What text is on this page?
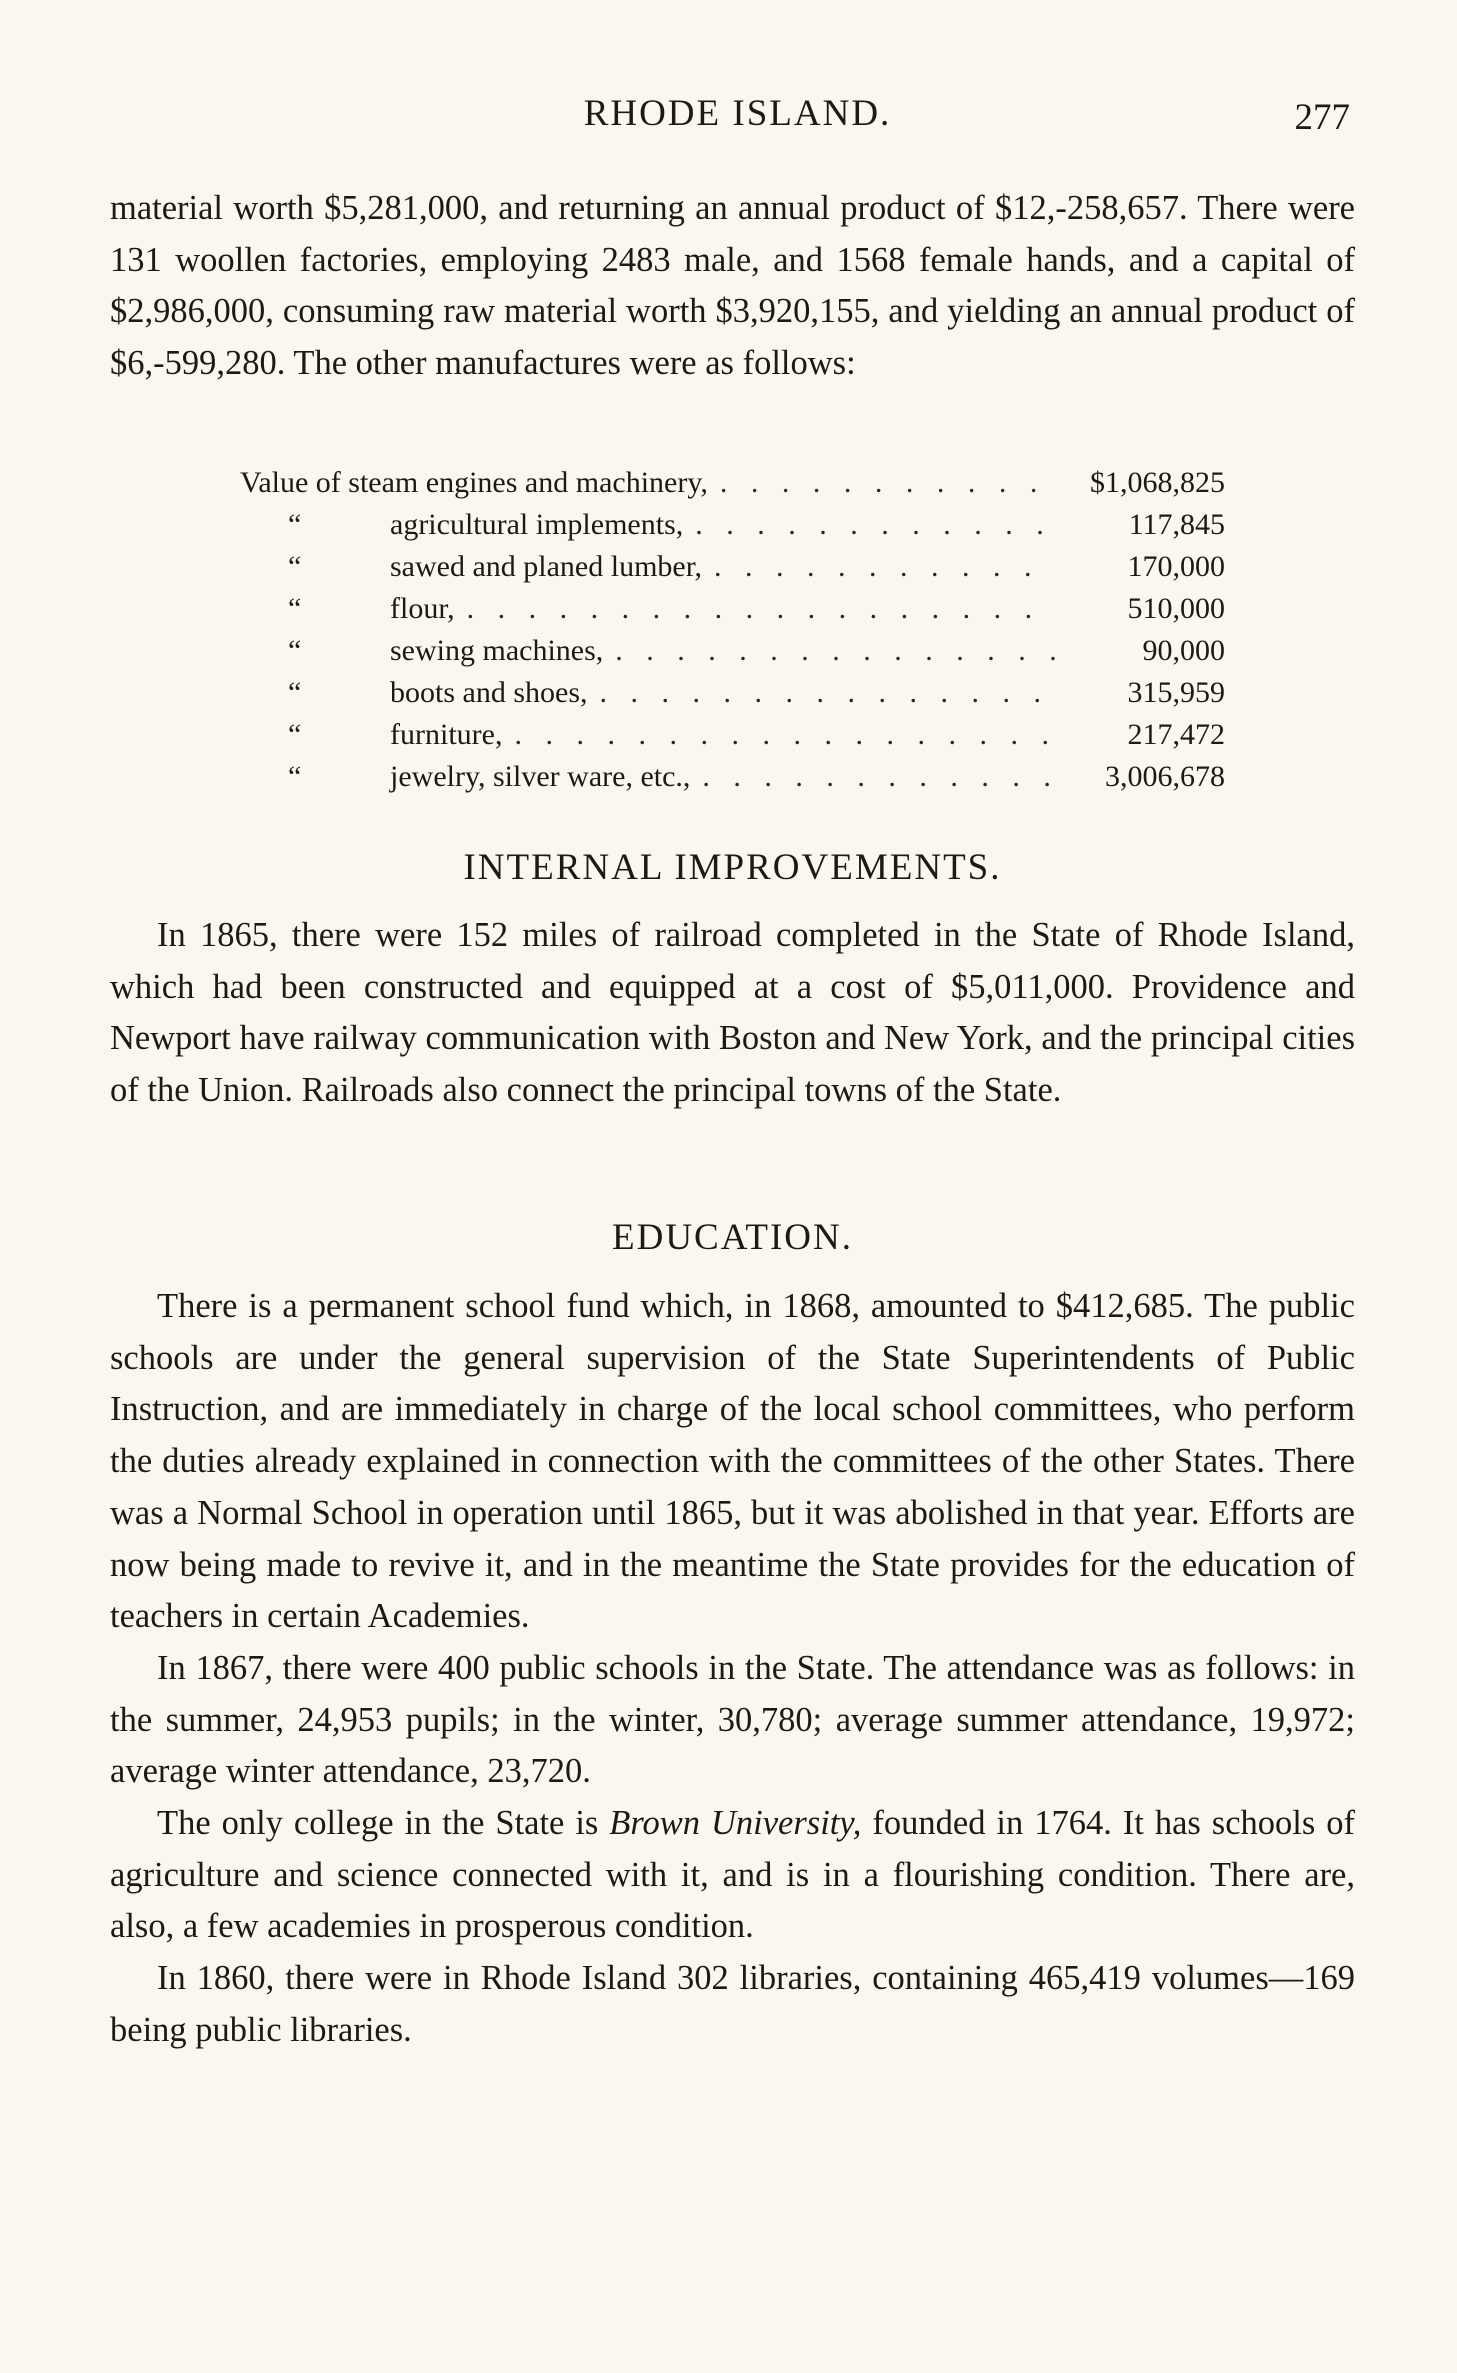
RHODE ISLAND.	277

material worth $5,281,000, and returning an annual product of $12,-258,657. There were 131 woollen factories, employing 2483 male, and 1568 female hands, and a capital of $2,986,000, consuming raw material worth $3,920,155, and yielding an annual product of $6,-599,280. The other manufactures were as follows:

Value of steam engines and machinery, . . .	$1,068,825
“	agricultural implements, . . .	117,845
“	sawed and planed lumber, . . .	170,000
“	flour, . . .	510,000
“	sewing machines, . . .	90,000
“	boots and shoes, . . .	315,959
“	furniture, . . .	217,472
“	jewelry, silver ware, etc., . . .	3,006,678
INTERNAL IMPROVEMENTS.

In 1865, there were 152 miles of railroad completed in the State of Rhode Island, which had been constructed and equipped at a cost of $5,011,000. Providence and Newport have railway communication with Boston and New York, and the principal cities of the Union. Railroads also connect the principal towns of the State.

EDUCATION.

There is a permanent school fund which, in 1868, amounted to $412,685. The public schools are under the general supervision of the State Superintendents of Public Instruction, and are immediately in charge of the local school committees, who perform the duties already explained in connection with the committees of the other States. There was a Normal School in operation until 1865, but it was abolished in that year. Efforts are now being made to revive it, and in the meantime the State provides for the education of teachers in certain Academies.

In 1867, there were 400 public schools in the State. The attendance was as follows: in the summer, 24,953 pupils; in the winter, 30,780; average summer attendance, 19,972; average winter attendance, 23,720.

The only college in the State is Brown University, founded in 1764. It has schools of agriculture and science connected with it, and is in a flourishing condition. There are, also, a few academies in prosperous condition.

In 1860, there were in Rhode Island 302 libraries, containing 465,419 volumes—169 being public libraries.
